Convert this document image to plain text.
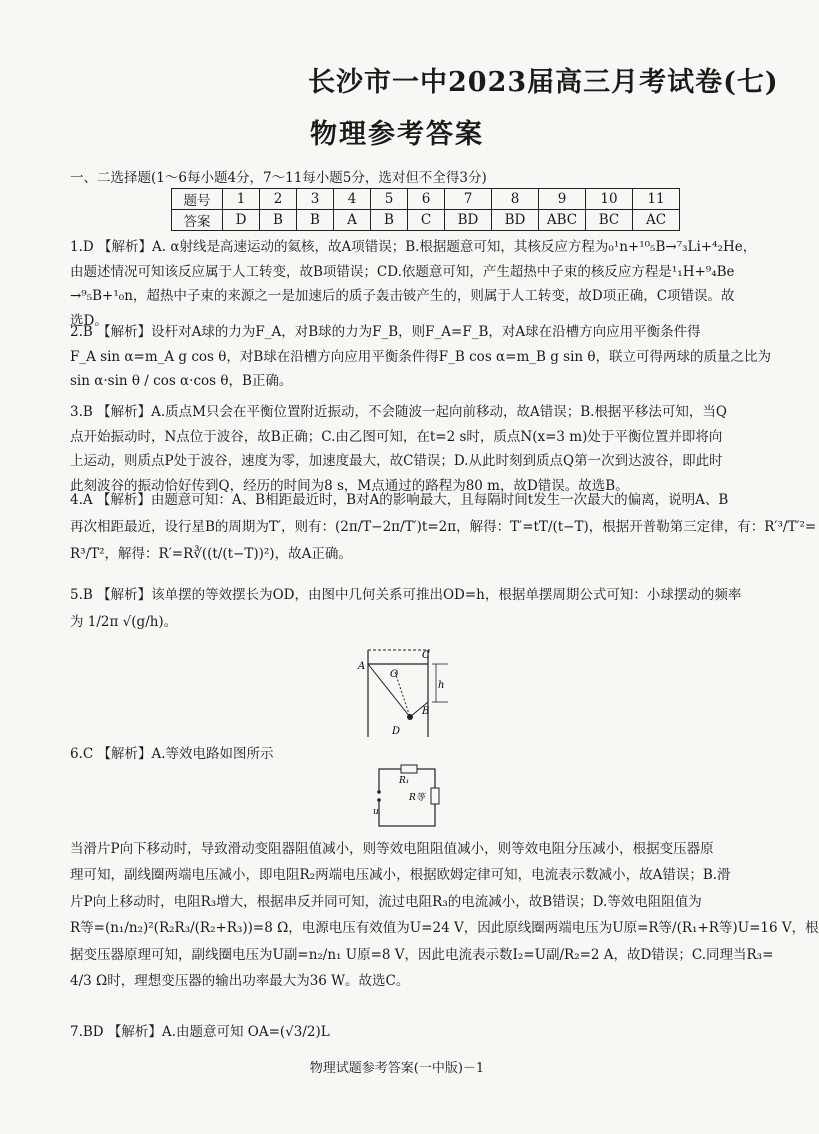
长沙市一中2023届高三月考试卷(七)
物理参考答案
一、二选择题(1～6每小题4分，7～11每小题5分，选对但不全得3分)
题号	1	2	3	4	5	6	7	8	9	10	11
答案	D	B	B	A	B	C	BD	BD	ABC	BC	AC

1.D 【解析】A. α射线是高速运动的氦核，故A项错误；B.根据题意可知，其核反应方程为₀¹n+¹⁰₅B→⁷₃Li+⁴₂He，

由题述情况可知该反应属于人工转变，故B项错误；CD.依题意可知，产生超热中子束的核反应方程是¹₁H+⁹₄Be

→⁹₅B+¹₀n，超热中子束的来源之一是加速后的质子轰击铍产生的，则属于人工转变，故D项正确，C项错误。故

选D。

2.B 【解析】设杆对A球的力为F_A，对B球的力为F_B，则F_A=F_B，对A球在沿槽方向应用平衡条件得

F_A sin α=m_A g cos θ，对B球在沿槽方向应用平衡条件得F_B cos α=m_B g sin θ，联立可得两球的质量之比为

sin α·sin θ / cos α·cos θ，B正确。

3.B 【解析】A.质点M只会在平衡位置附近振动，不会随波一起向前移动，故A错误；B.根据平移法可知，当Q

点开始振动时，N点位于波谷，故B正确；C.由乙图可知，在t=2 s时，质点N(x=3 m)处于平衡位置并即将向

上运动，则质点P处于波谷，速度为零，加速度最大，故C错误；D.从此时刻到质点Q第一次到达波谷，即此时

此刻波谷的振动恰好传到Q，经历的时间为8 s，M点通过的路程为80 m，故D错误。故选B。

4.A 【解析】由题意可知：A、B相距最近时，B对A的影响最大，且每隔时间t发生一次最大的偏离，说明A、B

再次相距最近，设行星B的周期为T′，则有：(2π/T−2π/T′)t=2π，解得：T′=tT/(t−T)，根据开普勒第三定律，有：R′³/T′²=

R³/T²，解得：R′=R∛((t/(t−T))²)，故A正确。

5.B 【解析】该单摆的等效摆长为OD，由图中几何关系可推出OD=h，根据单摆周期公式可知：小球摆动的频率

为 1/2π √(g/h)。

A
O
C
B
D
h

6.C 【解析】A.等效电路如图所示

R₁
R等
u

当滑片P向下移动时，导致滑动变阻器阻值减小，则等效电阻阻值减小，则等效电阻分压减小，根据变压器原

理可知，副线圈两端电压减小，即电阻R₂两端电压减小，根据欧姆定律可知，电流表示数减小，故A错误；B.滑

片P向上移动时，电阻R₃增大，根据串反并同可知，流过电阻R₃的电流减小，故B错误；D.等效电阻阻值为

R等=(n₁/n₂)²(R₂R₃/(R₂+R₃))=8 Ω，电源电压有效值为U=24 V，因此原线圈两端电压为U原=R等/(R₁+R等)U=16 V，根

据变压器原理可知，副线圈电压为U副=n₂/n₁ U原=8 V，因此电流表示数I₂=U副/R₂=2 A，故D错误；C.同理当R₃=

4/3 Ω时，理想变压器的输出功率最大为36 W。故选C。

7.BD 【解析】A.由题意可知 OA=(√3/2)L

物理试题参考答案(一中版)－1
